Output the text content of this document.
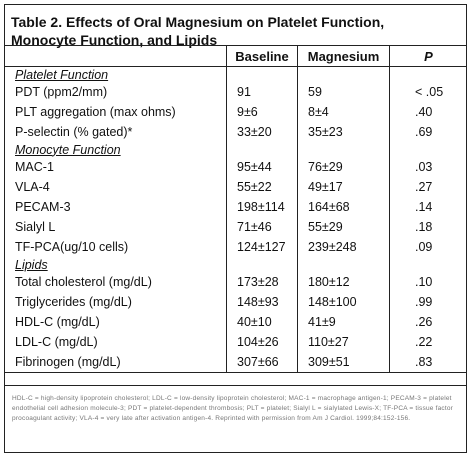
Table 2. Effects of Oral Magnesium on Platelet Function, Monocyte Function, and Lipids
	Baseline	Magnesium	P
Platelet Function			
PDT (ppm2/mm)	91	59	< .05
PLT aggregation (max ohms)	9±6	8±4	.40
P-selectin (% gated)*	33±20	35±23	.69
Monocyte Function			
MAC-1	95±44	76±29	.03
VLA-4	55±22	49±17	.27
PECAM-3	198±114	164±68	.14
Sialyl L	71±46	55±29	.18
TF-PCA(ug/10 cells)	124±127	239±248	.09
Lipids			
Total cholesterol (mg/dL)	173±28	180±12	.10
Triglycerides (mg/dL)	148±93	148±100	.99
HDL-C (mg/dL)	40±10	41±9	.26
LDL-C (mg/dL)	104±26	110±27	.22
Fibrinogen (mg/dL)	307±66	309±51	.83
HDL-C = high-density lipoprotein cholesterol; LDL-C = low-density lipoprotein cholesterol; MAC-1 = macrophage antigen-1; PECAM-3 = platelet endothelial cell adhesion molecule-3; PDT = platelet-dependent thrombosis; PLT = platelet; Sialyl L = sialylated Lewis-X; TF-PCA = tissue factor procoagulant activity; VLA-4 = very late after activation antigen-4. Reprinted with permission from Am J Cardiol. 1999;84:152-156.
